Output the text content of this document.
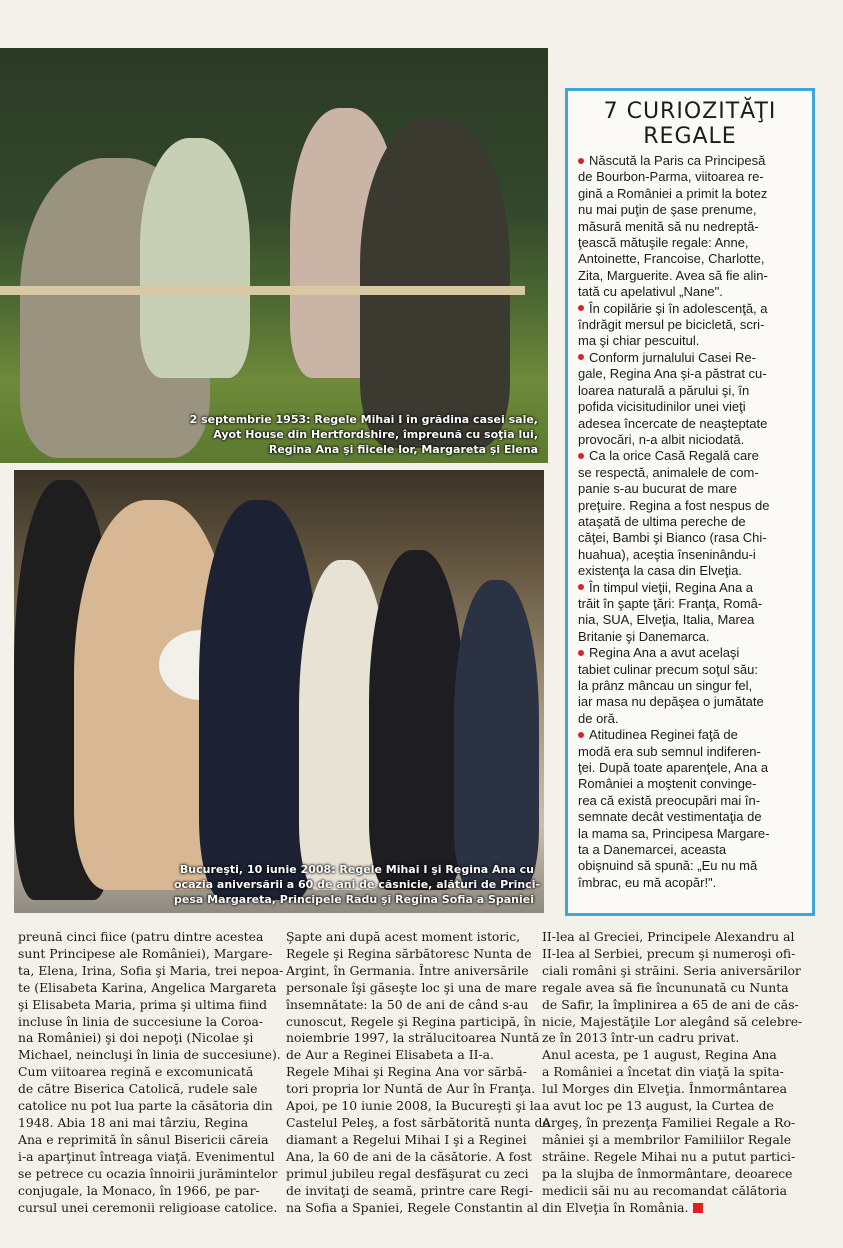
2 septembrie 1953: Regele Mihai I în grădina casei sale,
Ayot House din Hertfordshire, împreună cu soţia lui,
Regina Ana şi fiicele lor, Margareta şi Elena

Bucureşti, 10 iunie 2008: Regele Mihai I şi Regina Ana cu
ocazia aniversării a 60 de ani de căsnicie, alături de Princi-
pesa Margareta, Principele Radu şi Regina Sofia a Spaniei

7 CURIOZITĂŢI
REGALE
Născută la Paris ca Principesă
de Bourbon-Parma, viitoarea re-
gină a României a primit la botez
nu mai puţin de şase prenume,
măsură menită să nu nedreptă-
ţească mătuşile regale: Anne,
Antoinette, Francoise, Charlotte,
Zita, Marguerite. Avea să fie alin-
tată cu apelativul „Nane".
În copilărie şi în adolescenţă, a
îndrăgit mersul pe bicicletă, scri-
ma şi chiar pescuitul.
Conform jurnalului Casei Re-
gale, Regina Ana şi-a păstrat cu-
loarea naturală a părului şi, în
pofida vicisitudinilor unei vieţi
adesea încercate de neaşteptate
provocări, n-a albit niciodată.
Ca la orice Casă Regală care
se respectă, animalele de com-
panie s-au bucurat de mare
preţuire. Regina a fost nespus de
ataşată de ultima pereche de
căţei, Bambi şi Bianco (rasa Chi-
huahua), aceştia înseninându-i
existenţa la casa din Elveţia.
În timpul vieţii, Regina Ana a
trăit în şapte ţări: Franţa, Româ-
nia, SUA, Elveţia, Italia, Marea
Britanie şi Danemarca.
Regina Ana a avut acelaşi
tabiet culinar precum soţul său:
la prânz mâncau un singur fel,
iar masa nu depăşea o jumătate
de oră.
Atitudinea Reginei faţă de
modă era sub semnul indiferen-
ţei. După toate aparenţele, Ana a
României a moştenit convinge-
rea că există preocupări mai în-
semnate decât vestimentaţia de
la mama sa, Principesa Margare-
ta a Danemarcei, aceasta
obişnuind să spună: „Eu nu mă
îmbrac, eu mă acopăr!".

preună cinci fiice (patru dintre acestea
sunt Principese ale României), Margare-
ta, Elena, Irina, Sofia şi Maria, trei nepoa-
te (Elisabeta Karina, Angelica Margareta
şi Elisabeta Maria, prima şi ultima fiind
incluse în linia de succesiune la Coroa-
na României) şi doi nepoţi (Nicolae şi
Michael, neincluşi în linia de succesiune).
Cum viitoarea regină e excomunicată
de către Biserica Catolică, rudele sale
catolice nu pot lua parte la căsătoria din
1948. Abia 18 ani mai târziu, Regina
Ana e reprimită în sânul Bisericii căreia
i-a aparţinut întreaga viaţă. Evenimentul
se petrece cu ocazia înnoirii jurămintelor
conjugale, la Monaco, în 1966, pe par-
cursul unei ceremonii religioase catolice.

Şapte ani după acest moment istoric,
Regele şi Regina sărbătoresc Nunta de
Argint, în Germania. Între aniversările
personale îşi găseşte loc şi una de mare
însemnătate: la 50 de ani de când s-au
cunoscut, Regele şi Regina participă, în
noiembrie 1997, la strălucitoarea Nuntă
de Aur a Reginei Elisabeta a II-a.
Regele Mihai şi Regina Ana vor sărbă-
tori propria lor Nuntă de Aur în Franţa.
Apoi, pe 10 iunie 2008, la Bucureşti şi la
Castelul Peleş, a fost sărbătorită nunta de
diamant a Regelui Mihai I şi a Reginei
Ana, la 60 de ani de la căsătorie. A fost
primul jubileu regal desfăşurat cu zeci
de invitaţi de seamă, printre care Regi-
na Sofia a Spaniei, Regele Constantin al

II-lea al Greciei, Principele Alexandru al
II-lea al Serbiei, precum şi numeroşi ofi-
ciali români şi străini. Seria aniversărilor
regale avea să fie încununată cu Nunta
de Safir, la împlinirea a 65 de ani de căs-
nicie, Majestăţile Lor alegând să celebre-
ze în 2013 într-un cadru privat.
Anul acesta, pe 1 august, Regina Ana
a României a încetat din viaţă la spita-
lul Morges din Elveţia. Înmormântarea
a avut loc pe 13 august, la Curtea de
Argeş, în prezenţa Familiei Regale a Ro-
mâniei şi a membrilor Familiilor Regale
străine. Regele Mihai nu a putut partici-
pa la slujba de înmormântare, deoarece
medicii săi nu au recomandat călătoria
din Elveţia în România.
